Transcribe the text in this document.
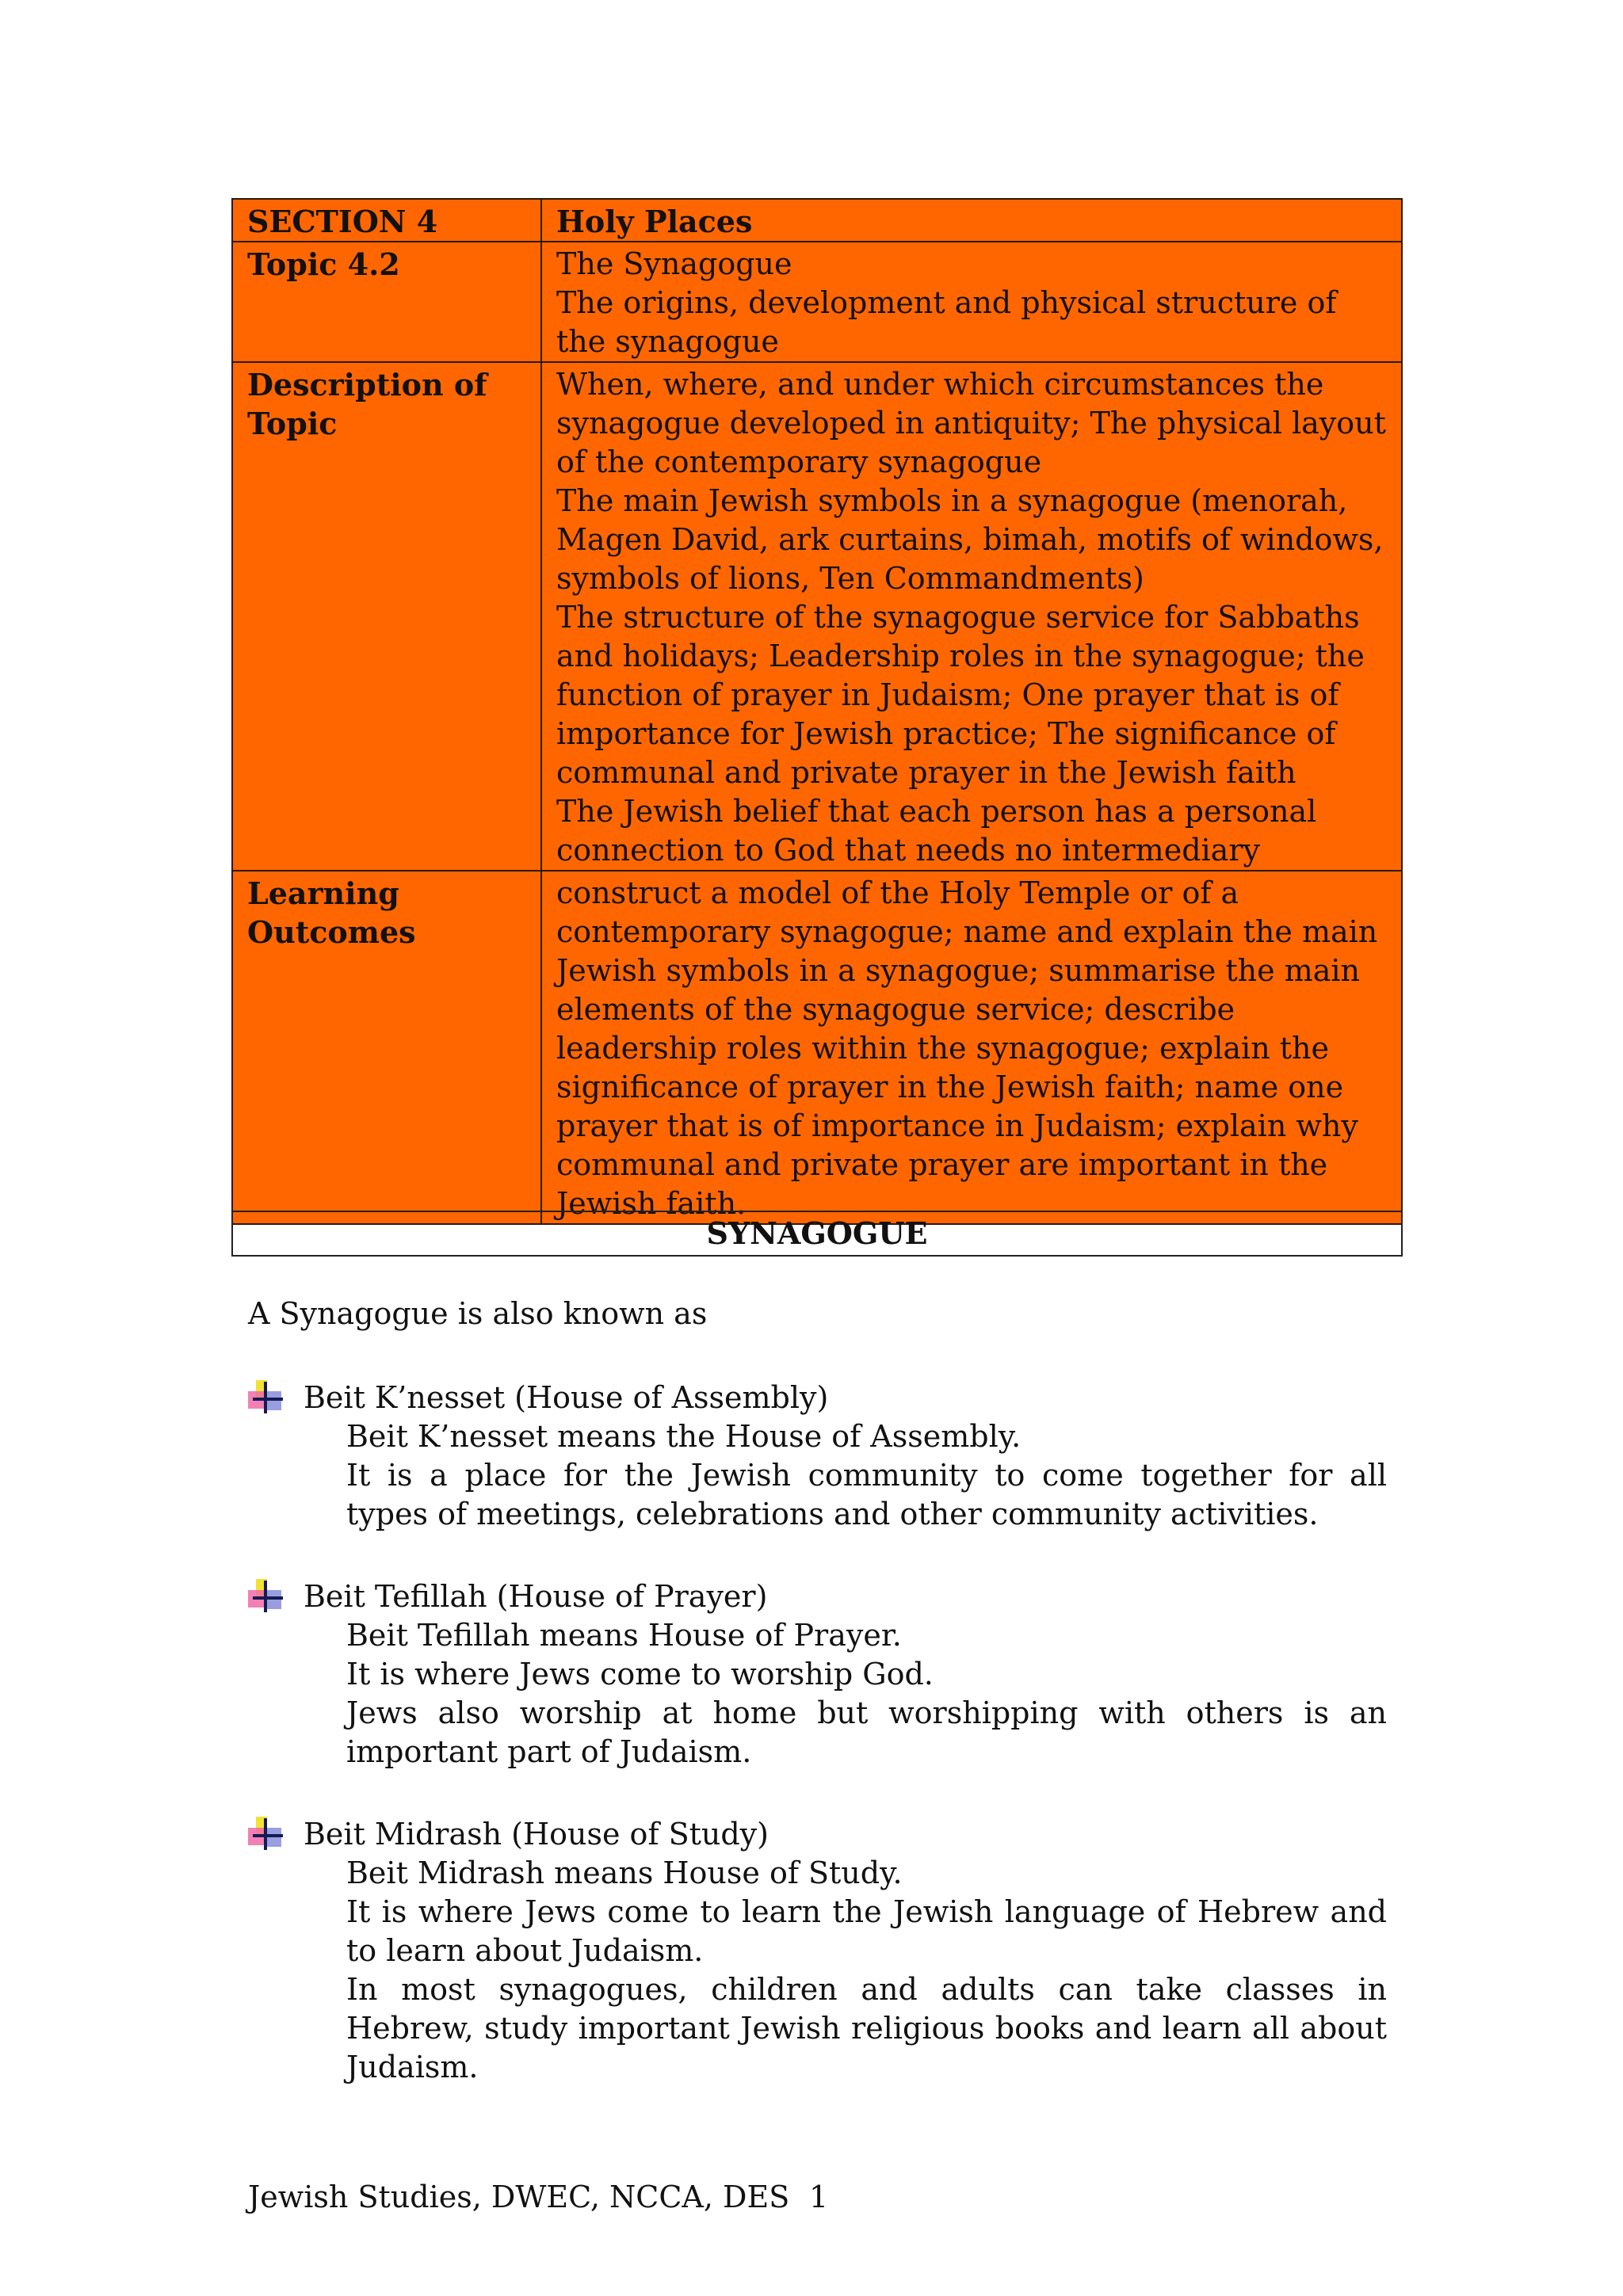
SECTION 4	Holy Places
Topic 4.2	The Synagogue
The origins, development and physical structure of the synagogue

Description of Topic	When, where, and under which circumstances the synagogue developed in antiquity; The physical layout of the contemporary synagogue
The main Jewish symbols in a synagogue (menorah, Magen David, ark curtains, bimah, motifs of windows, symbols of lions, Ten Commandments)
The structure of the synagogue service for Sabbaths and holidays; Leadership roles in the synagogue; the function of prayer in Judaism; One prayer that is of importance for Jewish practice; The significance of communal and private prayer in the Jewish faith
The Jewish belief that each person has a personal connection to God that needs no intermediary

Learning Outcomes	construct a model of the Holy Temple or of a contemporary synagogue; name and explain the main Jewish symbols in a synagogue; summarise the main elements of the synagogue service; describe leadership roles within the synagogue; explain the significance of prayer in the Jewish faith; name one prayer that is of importance in Judaism; explain why communal and private prayer are important in the Jewish faith.
SYNAGOGUE
A Synagogue is also known as
Beit K’nesset (House of Assembly)
Beit K’nesset means the House of Assembly.
It is a place for the Jewish community to come together for all types of meetings, celebrations and other community activities.
Beit Tefillah (House of Prayer)
Beit Tefillah means House of Prayer.
It is where Jews come to worship God.
Jews also worship at home but worshipping with others is an important part of Judaism.
Beit Midrash (House of Study)
Beit Midrash means House of Study.
It is where Jews come to learn the Jewish language of Hebrew and to learn about Judaism.
In most synagogues, children and adults can take classes in Hebrew, study important Jewish religious books and learn all about Judaism.
Jewish Studies, DWEC, NCCA, DES 1
